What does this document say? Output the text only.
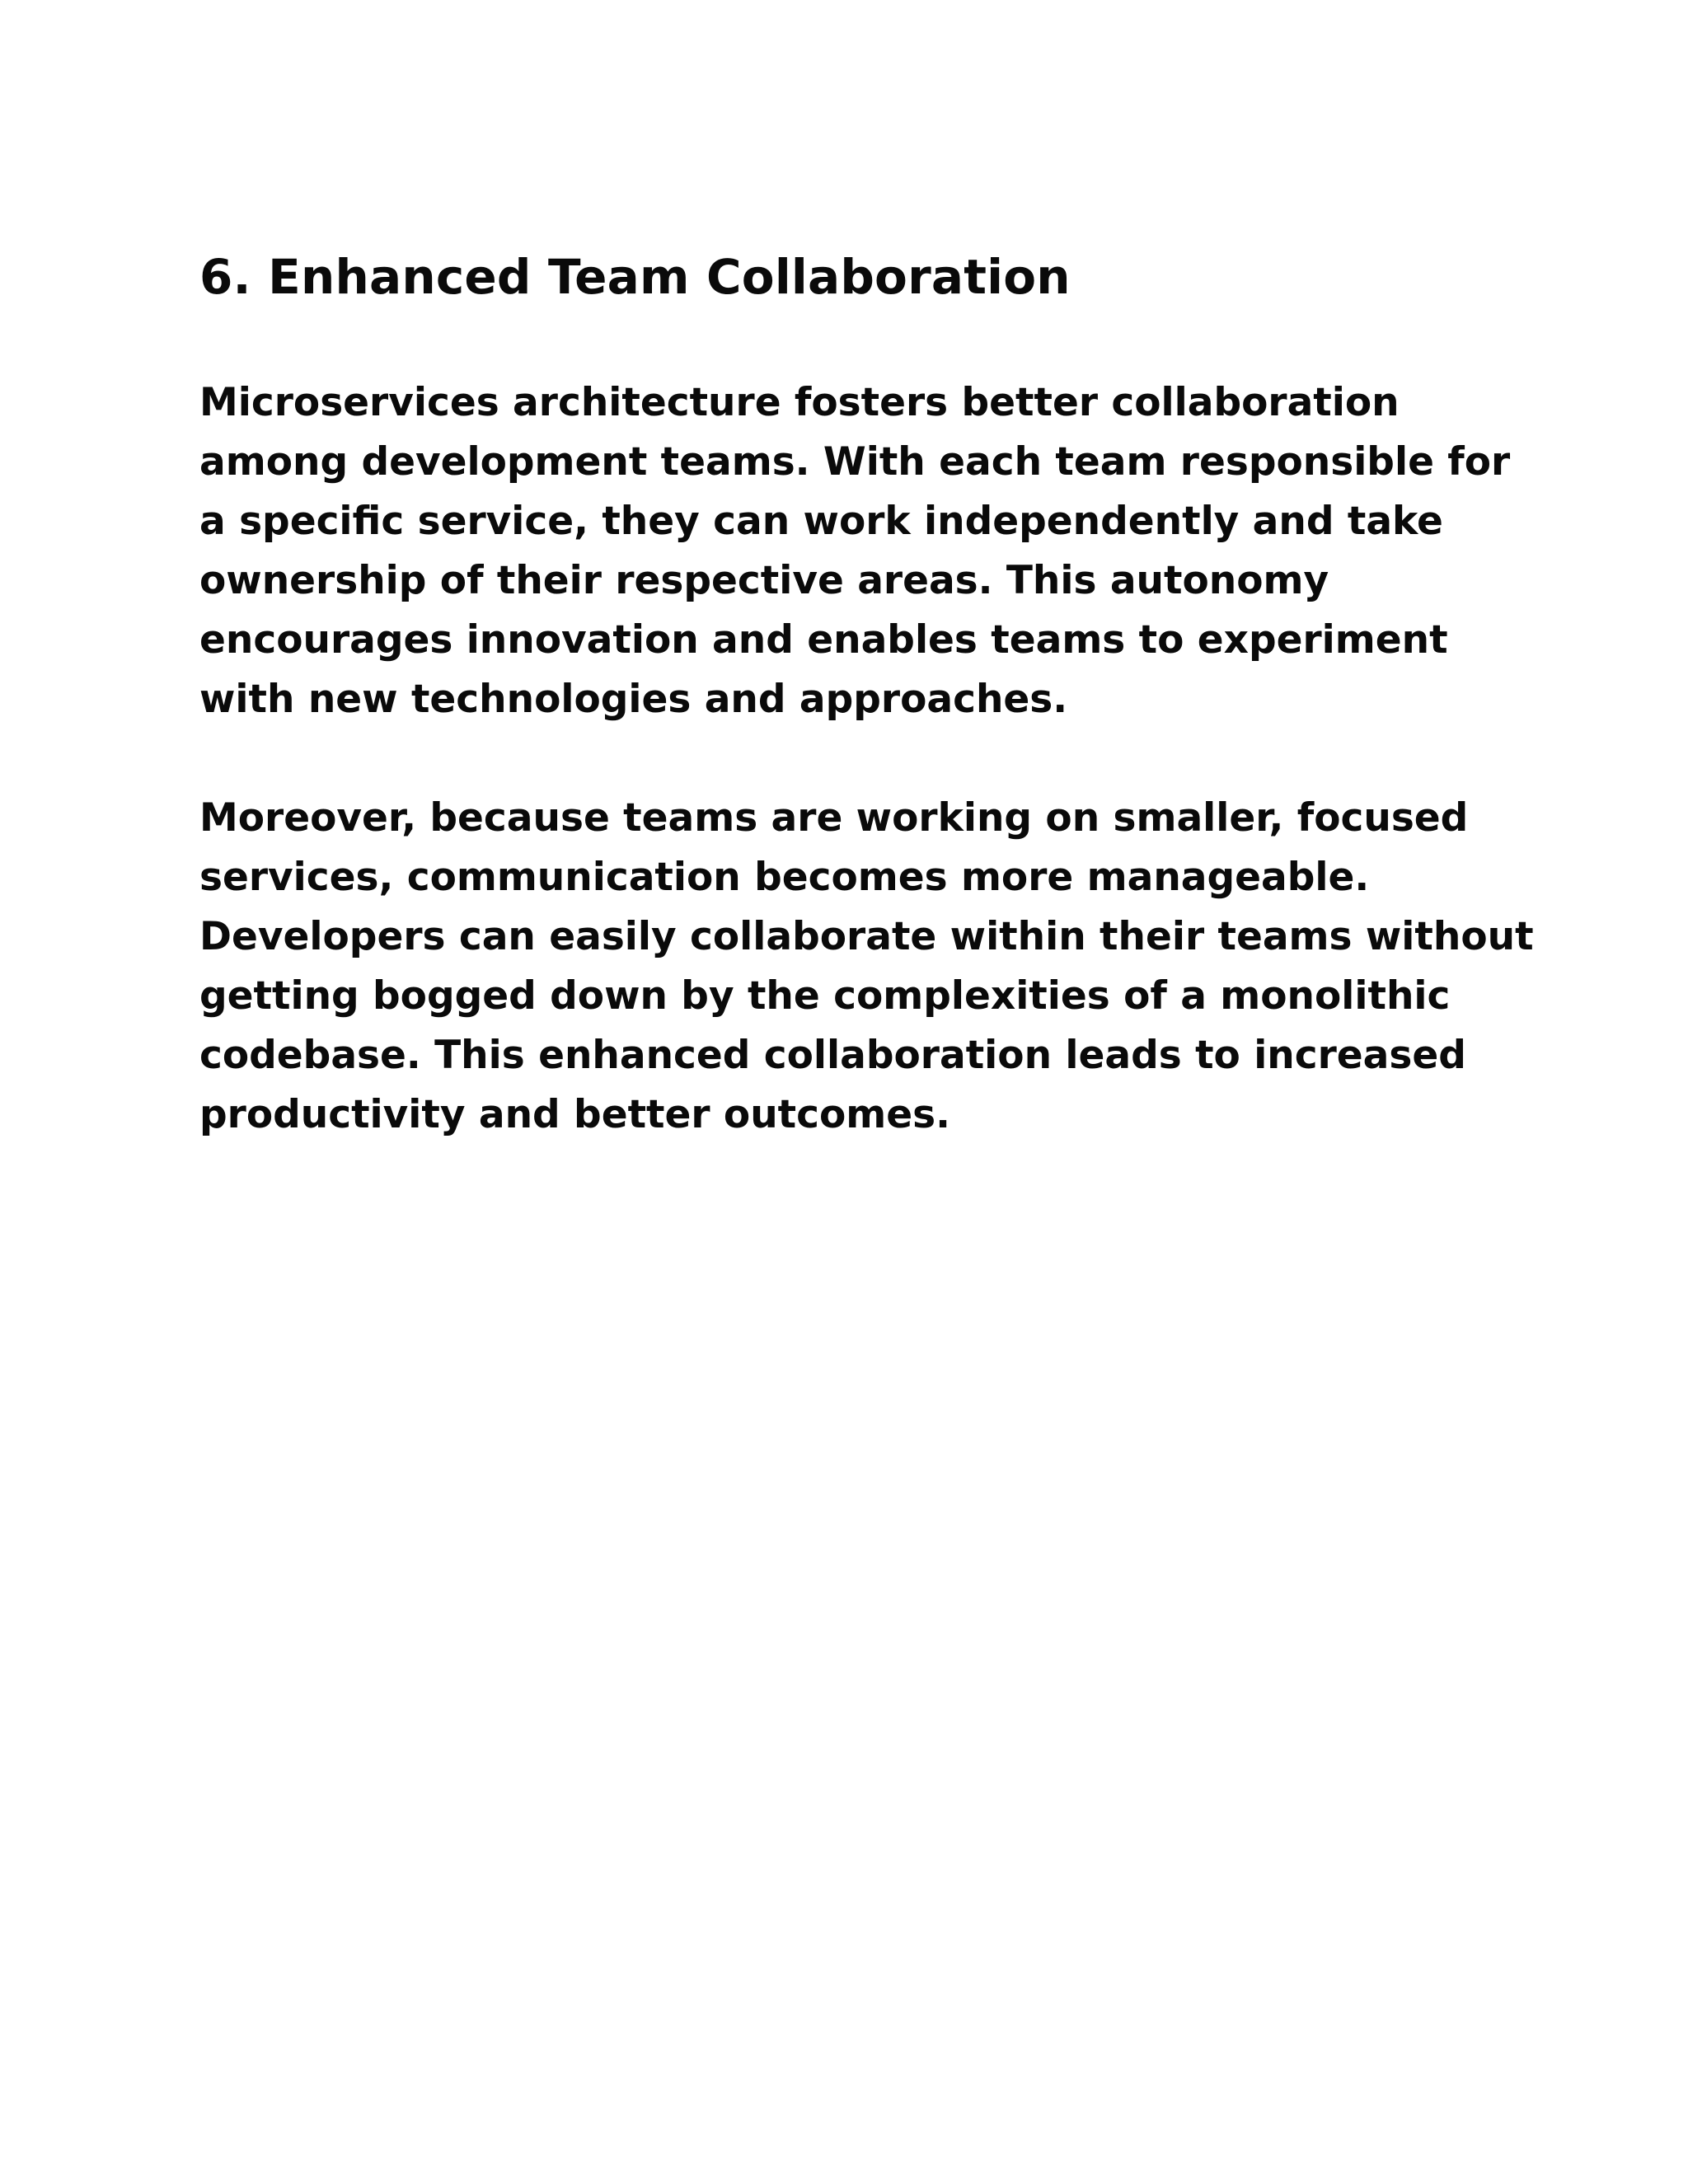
6. Enhanced Team Collaboration

Microservices architecture fosters better collaboration
among development teams. With each team responsible for
a specific service, they can work independently and take
ownership of their respective areas. This autonomy
encourages innovation and enables teams to experiment
with new technologies and approaches.

Moreover, because teams are working on smaller, focused
services, communication becomes more manageable.
Developers can easily collaborate within their teams without
getting bogged down by the complexities of a monolithic
codebase. This enhanced collaboration leads to increased
productivity and better outcomes.
